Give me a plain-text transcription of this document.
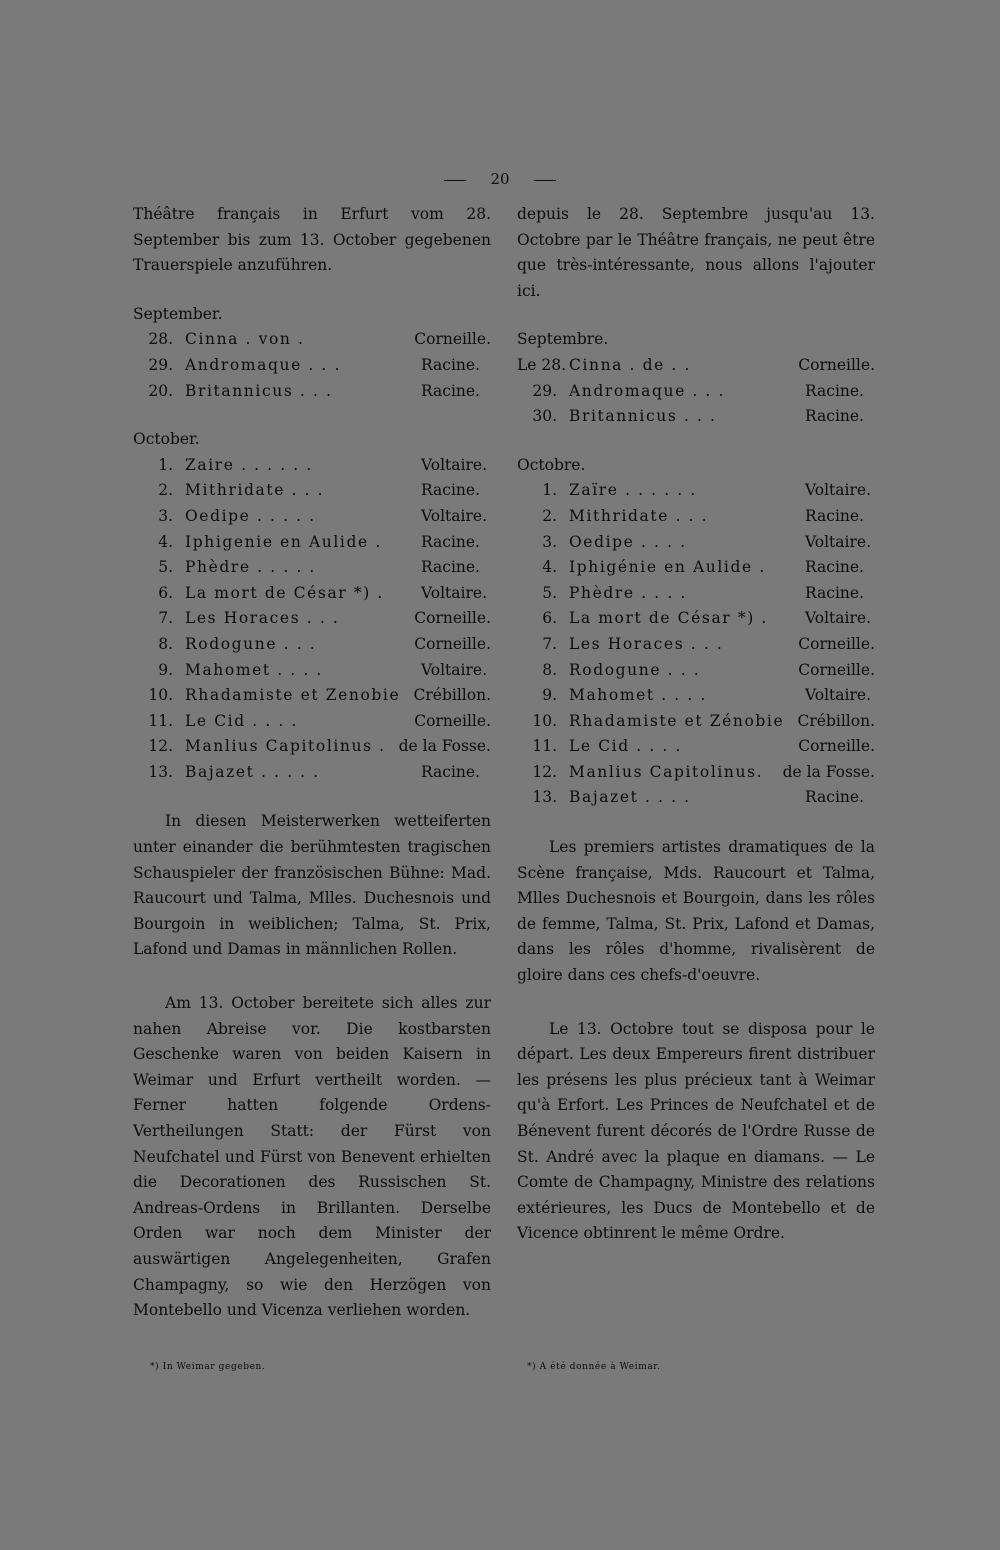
20

Théâtre français in Erfurt vom 28. September bis zum 13. October gegebenen Trauerspiele anzuführen.

September.
28. Cinna . von .	Corneille.
29. Andromaque . . .	Racine.
20. Britannicus . . .	Racine.
October.
1. Zaire . . . . . .	Voltaire.
2. Mithridate . . .	Racine.
3. Oedipe . . . . .	Voltaire.
4. Iphigenie en Aulide .	Racine.
5. Phèdre . . . . .	Racine.
6. La mort de César *) .	Voltaire.
7. Les Horaces . . .	Corneille.
8. Rodogune . . .	Corneille.
9. Mahomet . . . .	Voltaire.
10. Rhadamiste et Zenobie Crébillon.
11. Le Cid . . . .	Corneille.
12. Manlius Capitolinus . de la Fosse.
13. Bajazet . . . . .	Racine.

In diesen Meisterwerken wetteiferten unter einander die berühmtesten tragischen Schauspieler der französischen Bühne: Mad. Raucourt und Talma, Mlles. Duchesnois und Bourgoin in weiblichen; Talma, St. Prix, Lafond und Damas in männlichen Rollen.

Am 13. October bereitete sich alles zur nahen Abreise vor. Die kostbarsten Geschenke waren von beiden Kaisern in Weimar und Erfurt vertheilt worden. — Ferner hatten folgende Ordens-Vertheilungen Statt: der Fürst von Neufchatel und Fürst von Benevent erhielten die Decorationen des Russischen St. Andreas-Ordens in Brillanten. Derselbe Orden war noch dem Minister der auswärtigen Angelegenheiten, Grafen Champagny, so wie den Herzögen von Montebello und Vicenza verliehen worden.

depuis le 28. Septembre jusqu'au 13. Octobre par le Théâtre français, ne peut être que très-intéressante, nous allons l'ajouter ici.

Septembre.
Le 28. Cinna . de . .	Corneille.
29. Andromaque . . .	Racine.
30. Britannicus . . .	Racine.
Octobre.
1. Zaïre . . . . . .	Voltaire.
2. Mithridate . . .	Racine.
3. Oedipe . . . .	Voltaire.
4. Iphigénie en Aulide .	Racine.
5. Phèdre . . . .	Racine.
6. La mort de César *) .	Voltaire.
7. Les Horaces . . .	Corneille.
8. Rodogune . . .	Corneille.
9. Mahomet . . . .	Voltaire.
10. Rhadamiste et Zénobie Crébillon.
11. Le Cid . . . .	Corneille.
12. Manlius Capitolinus.	de la Fosse.
13. Bajazet . . . .	Racine.

Les premiers artistes dramatiques de la Scène française, Mds. Raucourt et Talma, Mlles Duchesnois et Bourgoin, dans les rôles de femme, Talma, St. Prix, Lafond et Damas, dans les rôles d'homme, rivalisèrent de gloire dans ces chefs-d'oeuvre.

Le 13. Octobre tout se disposa pour le départ. Les deux Empereurs firent distribuer les présens les plus précieux tant à Weimar qu'à Erfort. Les Princes de Neufchatel et de Bénevent furent décorés de l'Ordre Russe de St. André avec la plaque en diamans. — Le Comte de Champagny, Ministre des relations extérieures, les Ducs de Montebello et de Vicence obtinrent le même Ordre.

*) In Weimar gegeben.	*) A été donnée à Weimar.
